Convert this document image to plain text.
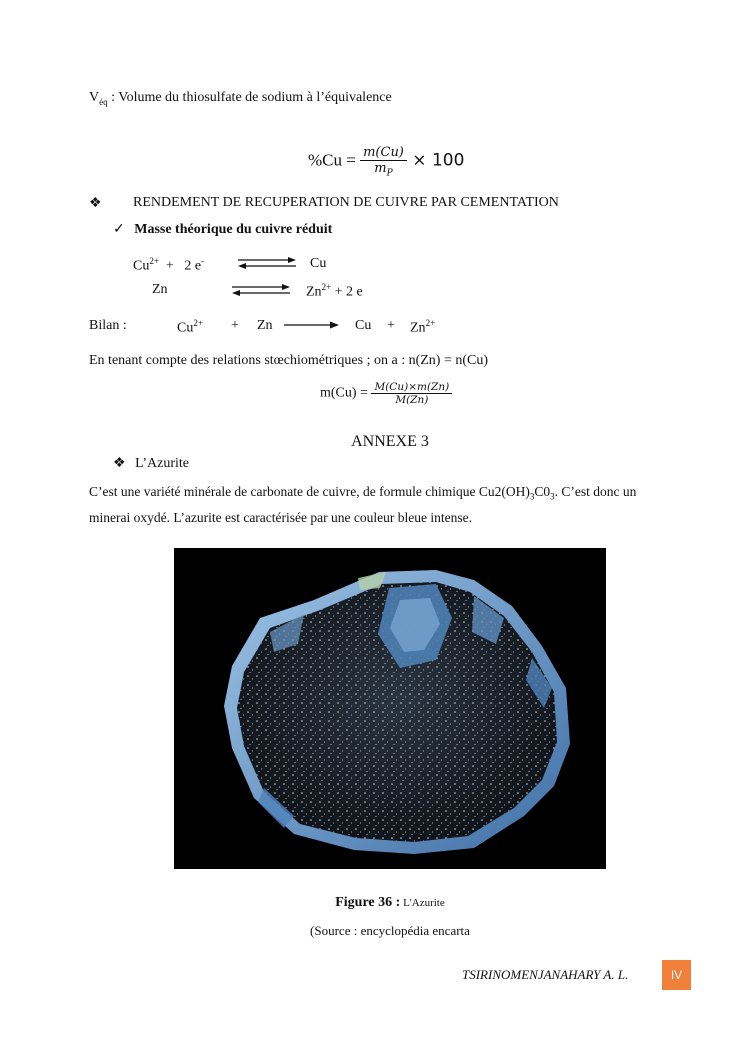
$V_{éq}$ : Volume du thiosulfate de sodium à l’équivalence
$\%Cu = \frac{m(Cu)}{m_P} \times 100$
❖ RENDEMENT DE RECUPERATION DE CUIVRE PAR CEMENTATION
✓ Masse théorique du cuivre réduit
$Cu^{2+} + 2$ e- ⇌ Cu
Zn	⇌ $Zn^{2+} + 2$ e
Bilan :	$Cu^{2+} + Zn \to Cu + Zn^{2+}$
En tenant compte des relations stœchiométriques ; on a : n(Zn) = n(Cu)
$m(Cu) = \frac{M(Cu)\times m(Zn)}{M(Zn)}$
ANNEXE 3
❖ L’Azurite
C’est une variété minérale de carbonate de cuivre, de formule chimique $Cu2(OH)_3C0_3$. C’est donc un
minerai oxydé. L’azurite est caractérisée par une couleur bleue intense.
Figure 36 : L'Azurite
(Source : encyclopédia encarta
TSIRINOMENJANAHARY A. L.	IV
